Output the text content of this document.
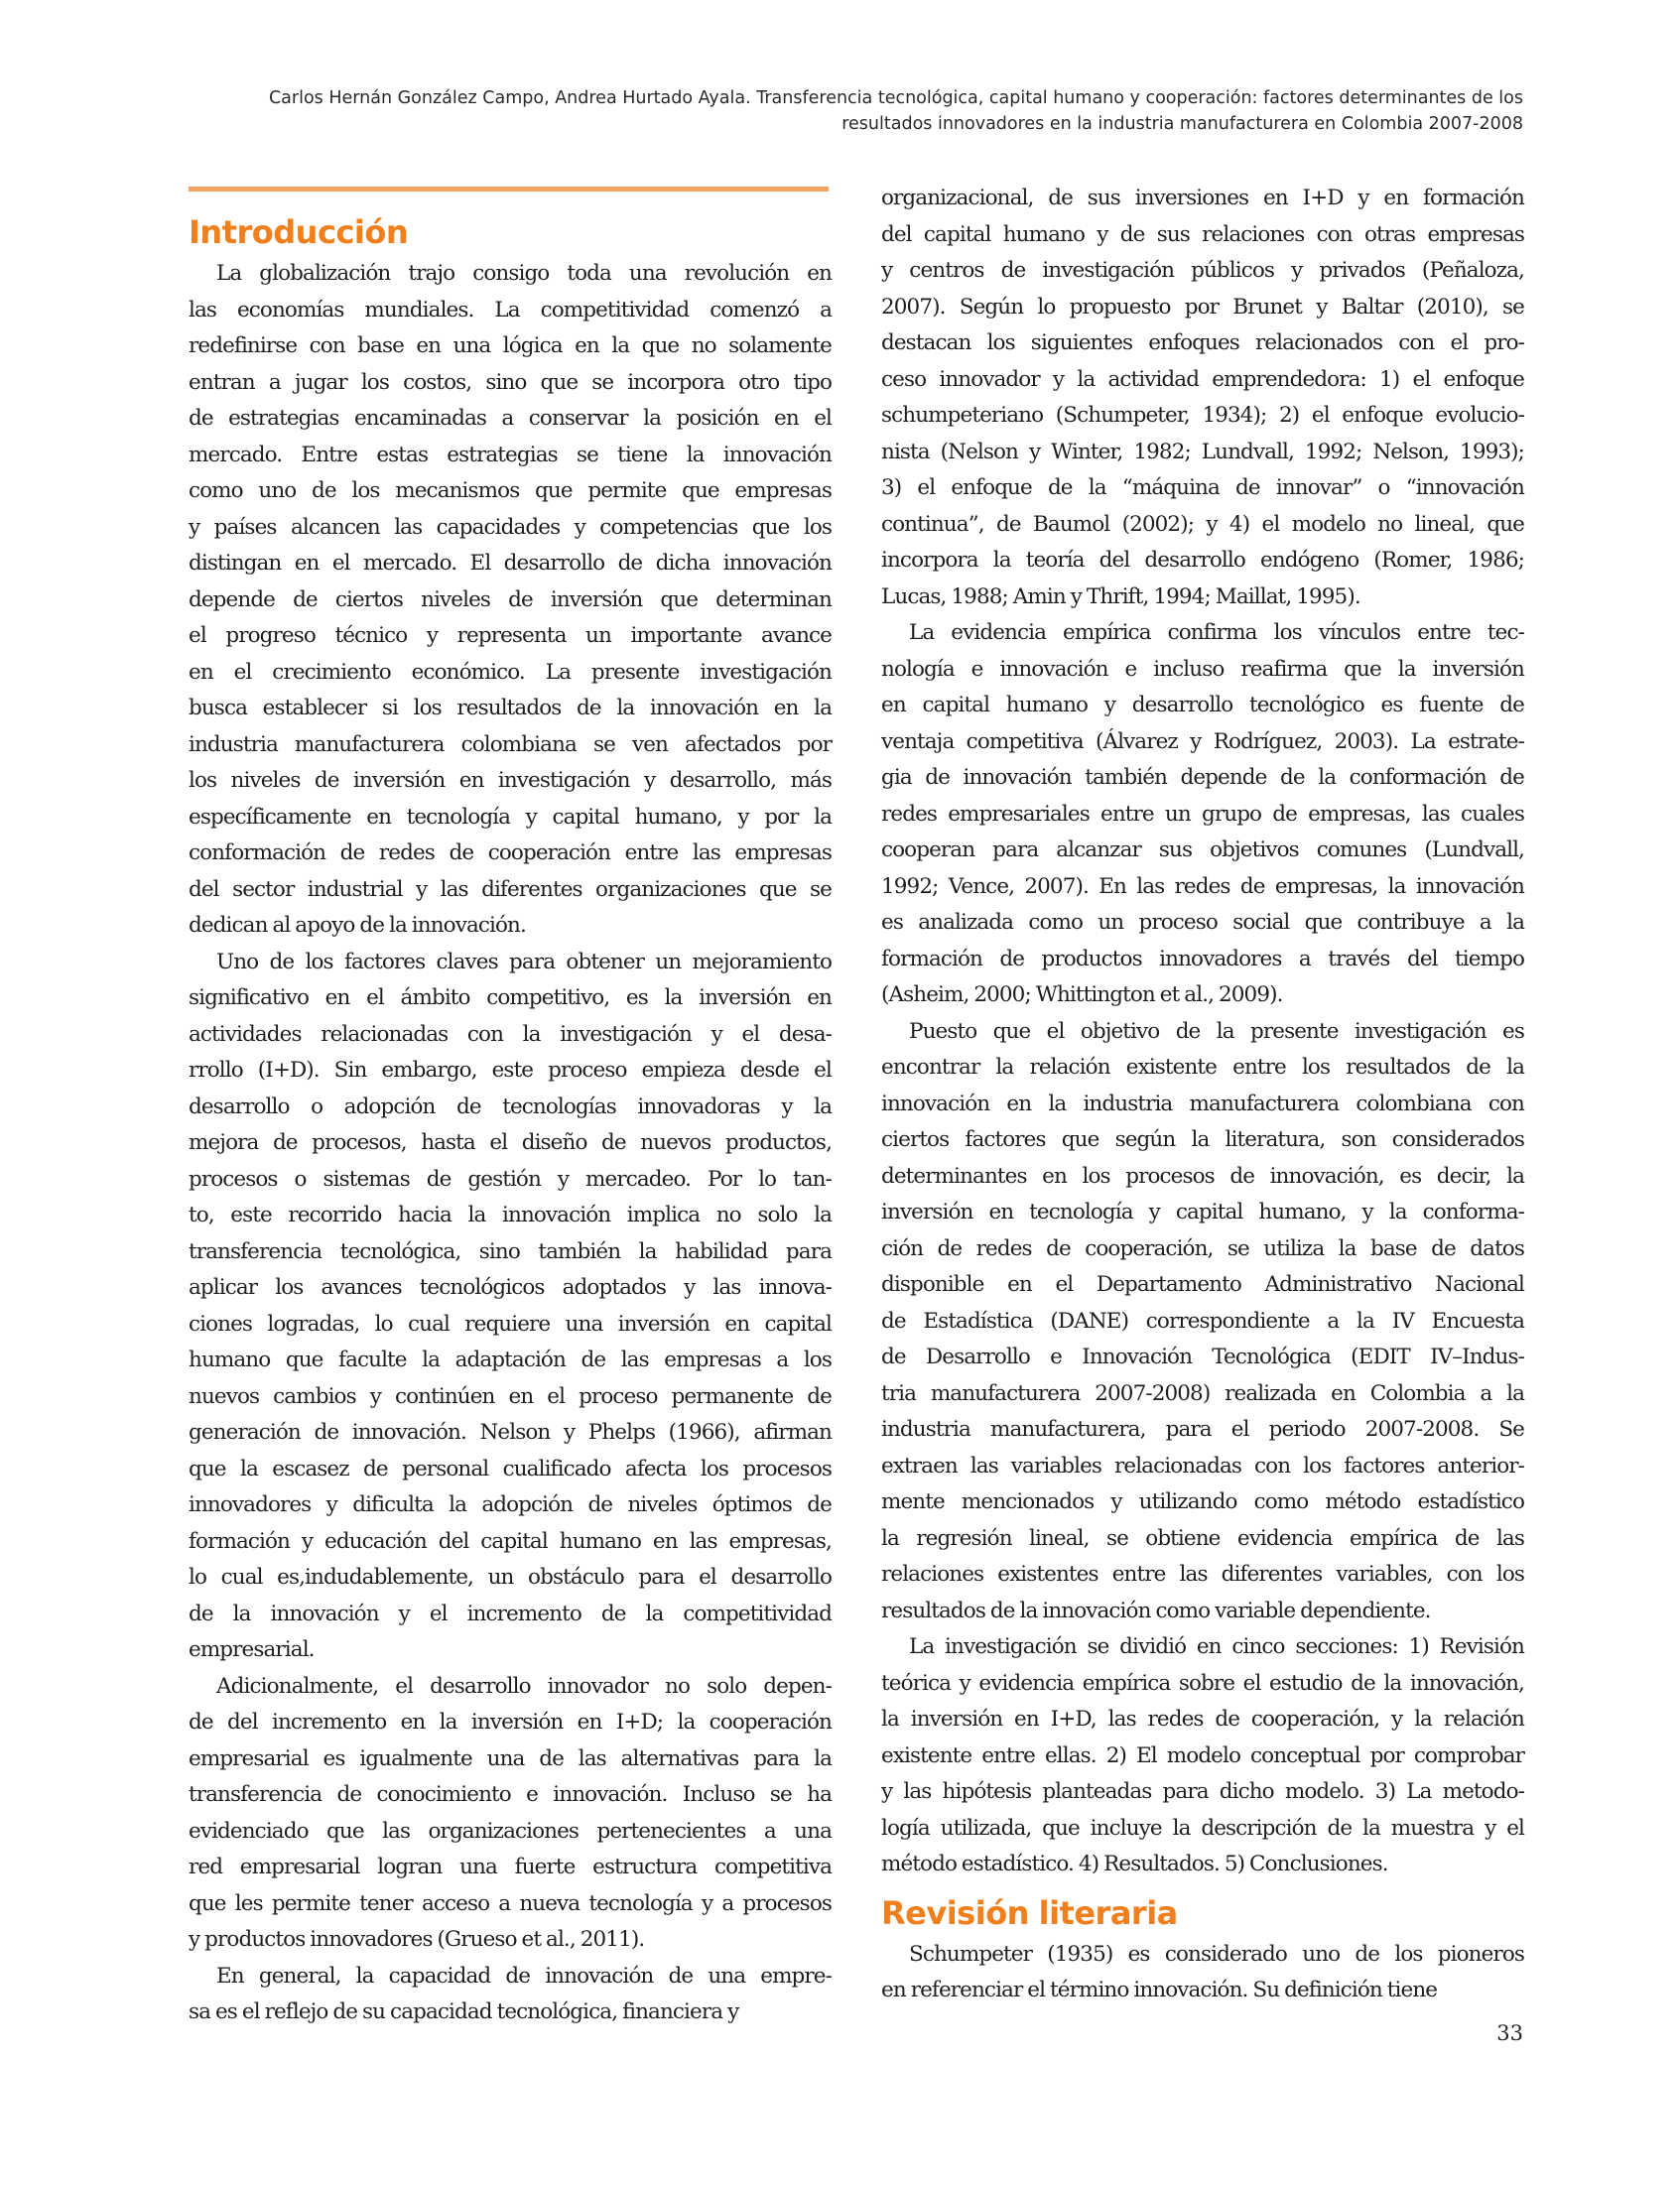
Carlos Hernán González Campo, Andrea Hurtado Ayala. Transferencia tecnológica, capital humano y cooperación: factores determinantes de los
resultados innovadores en la industria manufacturera en Colombia 2007-2008
Introducción

La globalización trajo consigo toda una revolución en
las economías mundiales. La competitividad comenzó a
redefinirse con base en una lógica en la que no solamente
entran a jugar los costos, sino que se incorpora otro tipo
de estrategias encaminadas a conservar la posición en el
mercado. Entre estas estrategias se tiene la innovación
como uno de los mecanismos que permite que empresas
y países alcancen las capacidades y competencias que los
distingan en el mercado. El desarrollo de dicha innovación
depende de ciertos niveles de inversión que determinan
el progreso técnico y representa un importante avance
en el crecimiento económico. La presente investigación
busca establecer si los resultados de la innovación en la
industria manufacturera colombiana se ven afectados por
los niveles de inversión en investigación y desarrollo, más
específicamente en tecnología y capital humano, y por la
conformación de redes de cooperación entre las empresas
del sector industrial y las diferentes organizaciones que se
dedican al apoyo de la innovación.

Uno de los factores claves para obtener un mejoramiento
significativo en el ámbito competitivo, es la inversión en
actividades relacionadas con la investigación y el desa-
rrollo (I+D). Sin embargo, este proceso empieza desde el
desarrollo o adopción de tecnologías innovadoras y la
mejora de procesos, hasta el diseño de nuevos productos,
procesos o sistemas de gestión y mercadeo. Por lo tan-
to, este recorrido hacia la innovación implica no solo la
transferencia tecnológica, sino también la habilidad para
aplicar los avances tecnológicos adoptados y las innova-
ciones logradas, lo cual requiere una inversión en capital
humano que faculte la adaptación de las empresas a los
nuevos cambios y continúen en el proceso permanente de
generación de innovación. Nelson y Phelps (1966), afirman
que la escasez de personal cualificado afecta los procesos
innovadores y dificulta la adopción de niveles óptimos de
formación y educación del capital humano en las empresas,
lo cual es,indudablemente, un obstáculo para el desarrollo
de la innovación y el incremento de la competitividad
empresarial.

Adicionalmente, el desarrollo innovador no solo depen-
de del incremento en la inversión en I+D; la cooperación
empresarial es igualmente una de las alternativas para la
transferencia de conocimiento e innovación. Incluso se ha
evidenciado que las organizaciones pertenecientes a una
red empresarial logran una fuerte estructura competitiva
que les permite tener acceso a nueva tecnología y a procesos
y productos innovadores (Grueso et al., 2011).

En general, la capacidad de innovación de una empre-
sa es el reflejo de su capacidad tecnológica, financiera y

organizacional, de sus inversiones en I+D y en formación
del capital humano y de sus relaciones con otras empresas
y centros de investigación públicos y privados (Peñaloza,
2007). Según lo propuesto por Brunet y Baltar (2010), se
destacan los siguientes enfoques relacionados con el pro-
ceso innovador y la actividad emprendedora: 1) el enfoque
schumpeteriano (Schumpeter, 1934); 2) el enfoque evolucio-
nista (Nelson y Winter, 1982; Lundvall, 1992; Nelson, 1993);
3) el enfoque de la “máquina de innovar” o “innovación
continua”, de Baumol (2002); y 4) el modelo no lineal, que
incorpora la teoría del desarrollo endógeno (Romer, 1986;
Lucas, 1988; Amin y Thrift, 1994; Maillat, 1995).

La evidencia empírica confirma los vínculos entre tec-
nología e innovación e incluso reafirma que la inversión
en capital humano y desarrollo tecnológico es fuente de
ventaja competitiva (Álvarez y Rodríguez, 2003). La estrate-
gia de innovación también depende de la conformación de
redes empresariales entre un grupo de empresas, las cuales
cooperan para alcanzar sus objetivos comunes (Lundvall,
1992; Vence, 2007). En las redes de empresas, la innovación
es analizada como un proceso social que contribuye a la
formación de productos innovadores a través del tiempo
(Asheim, 2000; Whittington et al., 2009).

Puesto que el objetivo de la presente investigación es
encontrar la relación existente entre los resultados de la
innovación en la industria manufacturera colombiana con
ciertos factores que según la literatura, son considerados
determinantes en los procesos de innovación, es decir, la
inversión en tecnología y capital humano, y la conforma-
ción de redes de cooperación, se utiliza la base de datos
disponible en el Departamento Administrativo Nacional
de Estadística (DANE) correspondiente a la IV Encuesta
de Desarrollo e Innovación Tecnológica (EDIT IV–Indus-
tria manufacturera 2007-2008) realizada en Colombia a la
industria manufacturera, para el periodo 2007-2008. Se
extraen las variables relacionadas con los factores anterior-
mente mencionados y utilizando como método estadístico
la regresión lineal, se obtiene evidencia empírica de las
relaciones existentes entre las diferentes variables, con los
resultados de la innovación como variable dependiente.

La investigación se dividió en cinco secciones: 1) Revisión
teórica y evidencia empírica sobre el estudio de la innovación,
la inversión en I+D, las redes de cooperación, y la relación
existente entre ellas. 2) El modelo conceptual por comprobar
y las hipótesis planteadas para dicho modelo. 3) La metodo-
logía utilizada, que incluye la descripción de la muestra y el
método estadístico. 4) Resultados. 5) Conclusiones.

Revisión literaria

Schumpeter (1935) es considerado uno de los pioneros
en referenciar el término innovación. Su definición tiene

33
